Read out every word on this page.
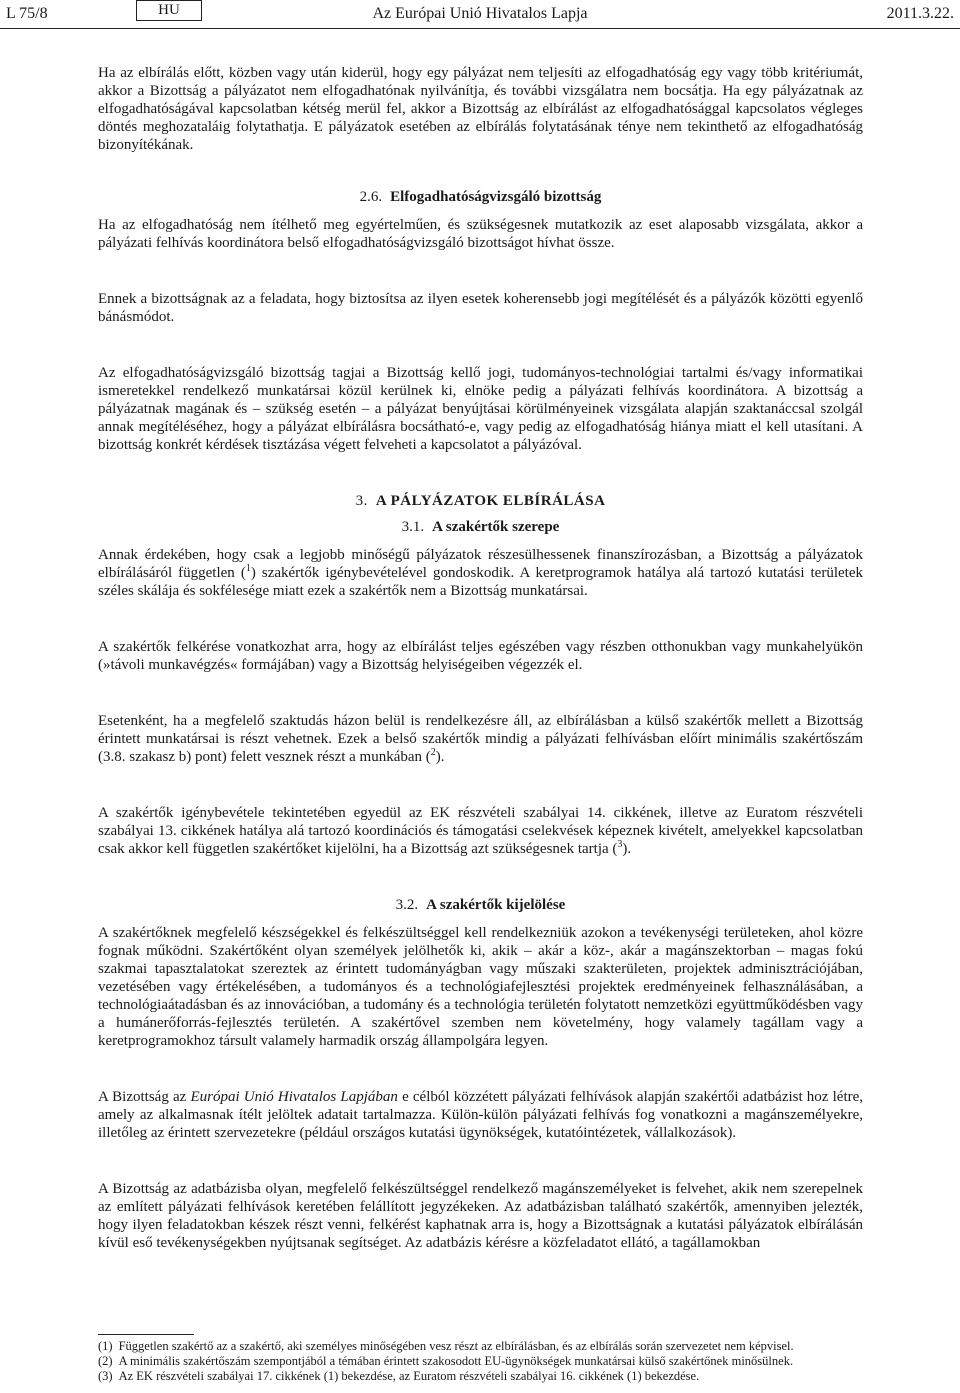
L 75/8	HU	Az Európai Unió Hivatalos Lapja	2011.3.22.

Ha az elbírálás előtt, közben vagy után kiderül, hogy egy pályázat nem teljesíti az elfogadhatóság egy vagy több kritériumát, akkor a Bizottság a pályázatot nem elfogadhatónak nyilvánítja, és további vizsgálatra nem bocsátja. Ha egy pályázatnak az elfogadhatóságával kapcsolatban kétség merül fel, akkor a Bizottság az elbírálást az elfogadhatósággal kapcsolatos végleges döntés meghozataláig folytathatja. E pályázatok esetében az elbírálás folytatásának ténye nem tekinthető az elfogadhatóság bizonyítékának.

2.6. Elfogadhatóságvizsgáló bizottság

Ha az elfogadhatóság nem ítélhető meg egyértelműen, és szükségesnek mutatkozik az eset alaposabb vizsgálata, akkor a pályázati felhívás koordinátora belső elfogadhatóságvizsgáló bizottságot hívhat össze.

Ennek a bizottságnak az a feladata, hogy biztosítsa az ilyen esetek koherensebb jogi megítélését és a pályázók közötti egyenlő bánásmódot.

Az elfogadhatóságvizsgáló bizottság tagjai a Bizottság kellő jogi, tudományos-technológiai tartalmi és/vagy informatikai ismeretekkel rendelkező munkatársai közül kerülnek ki, elnöke pedig a pályázati felhívás koordinátora. A bizottság a pályázatnak magának és – szükség esetén – a pályázat benyújtásai körülményeinek vizsgálata alapján szaktanáccsal szolgál annak megítéléséhez, hogy a pályázat elbírálásra bocsátható-e, vagy pedig az elfogadhatóság hiánya miatt el kell utasítani. A bizottság konkrét kérdések tisztázása végett felveheti a kapcsolatot a pályázóval.

3. A PÁLYÁZATOK ELBÍRÁLÁSA

3.1. A szakértők szerepe

Annak érdekében, hogy csak a legjobb minőségű pályázatok részesülhessenek finanszírozásban, a Bizottság a pályázatok elbírálásáról független ($^1$) szakértők igénybevételével gondoskodik. A keretprogramok hatálya alá tartozó kutatási területek széles skálája és sokfélesége miatt ezek a szakértők nem a Bizottság munkatársai.

A szakértők felkérése vonatkozhat arra, hogy az elbírálást teljes egészében vagy részben otthonukban vagy munkahelyükön (»távoli munkavégzés« formájában) vagy a Bizottság helyiségeiben végezzék el.

Esetenként, ha a megfelelő szaktudás házon belül is rendelkezésre áll, az elbírálásban a külső szakértők mellett a Bizottság érintett munkatársai is részt vehetnek. Ezek a belső szakértők mindig a pályázati felhívásban előírt minimális szakértőszám (3.8. szakasz b) pont) felett vesznek részt a munkában ($^2$).

A szakértők igénybevétele tekintetében egyedül az EK részvételi szabályai 14. cikkének, illetve az Euratom részvételi szabályai 13. cikkének hatálya alá tartozó koordinációs és támogatási cselekvések képeznek kivételt, amelyekkel kapcsolatban csak akkor kell független szakértőket kijelölni, ha a Bizottság azt szükségesnek tartja ($^3$).

3.2. A szakértők kijelölése

A szakértőknek megfelelő készségekkel és felkészültséggel kell rendelkezniük azokon a tevékenységi területeken, ahol közre fognak működni. Szakértőként olyan személyek jelölhetők ki, akik – akár a köz-, akár a magánszektorban – magas fokú szakmai tapasztalatokat szereztek az érintett tudományágban vagy műszaki szakterületen, projektek adminisztrációjában, vezetésében vagy értékelésében, a tudományos és a technológiafejlesztési projektek eredményeinek felhasználásában, a technológiaátadásban és az innovációban, a tudomány és a technológia területén folytatott nemzetközi együttműködésben vagy a humánerőforrás-fejlesztés területén. A szakértővel szemben nem követelmény, hogy valamely tagállam vagy a keretprogramokhoz társult valamely harmadik ország állampolgára legyen.

A Bizottság az Európai Unió Hivatalos Lapjában e célból közzétett pályázati felhívások alapján szakértői adatbázist hoz létre, amely az alkalmasnak ítélt jelöltek adatait tartalmazza. Külön-külön pályázati felhívás fog vonatkozni a magánszemélyekre, illetőleg az érintett szervezetekre (például országos kutatási ügynökségek, kutatóintézetek, vállalkozások).

A Bizottság az adatbázisba olyan, megfelelő felkészültséggel rendelkező magánszemélyeket is felvehet, akik nem szerepelnek az említett pályázati felhívások keretében felállított jegyzékeken. Az adatbázisban található szakértők, amennyiben jelezték, hogy ilyen feladatokban készek részt venni, felkérést kaphatnak arra is, hogy a Bizottságnak a kutatási pályázatok elbírálásán kívül eső tevékenységekben nyújtsanak segítséget. Az adatbázis kérésre a közfeladatot ellátó, a tagállamokban

(1) Független szakértő az a szakértő, aki személyes minőségében vesz részt az elbírálásban, és az elbírálás során szervezetet nem képvisel.

(2) A minimális szakértőszám szempontjából a témában érintett szakosodott EU-ügynökségek munkatársai külső szakértőnek minősülnek.

(3) Az EK részvételi szabályai 17. cikkének (1) bekezdése, az Euratom részvételi szabályai 16. cikkének (1) bekezdése.
